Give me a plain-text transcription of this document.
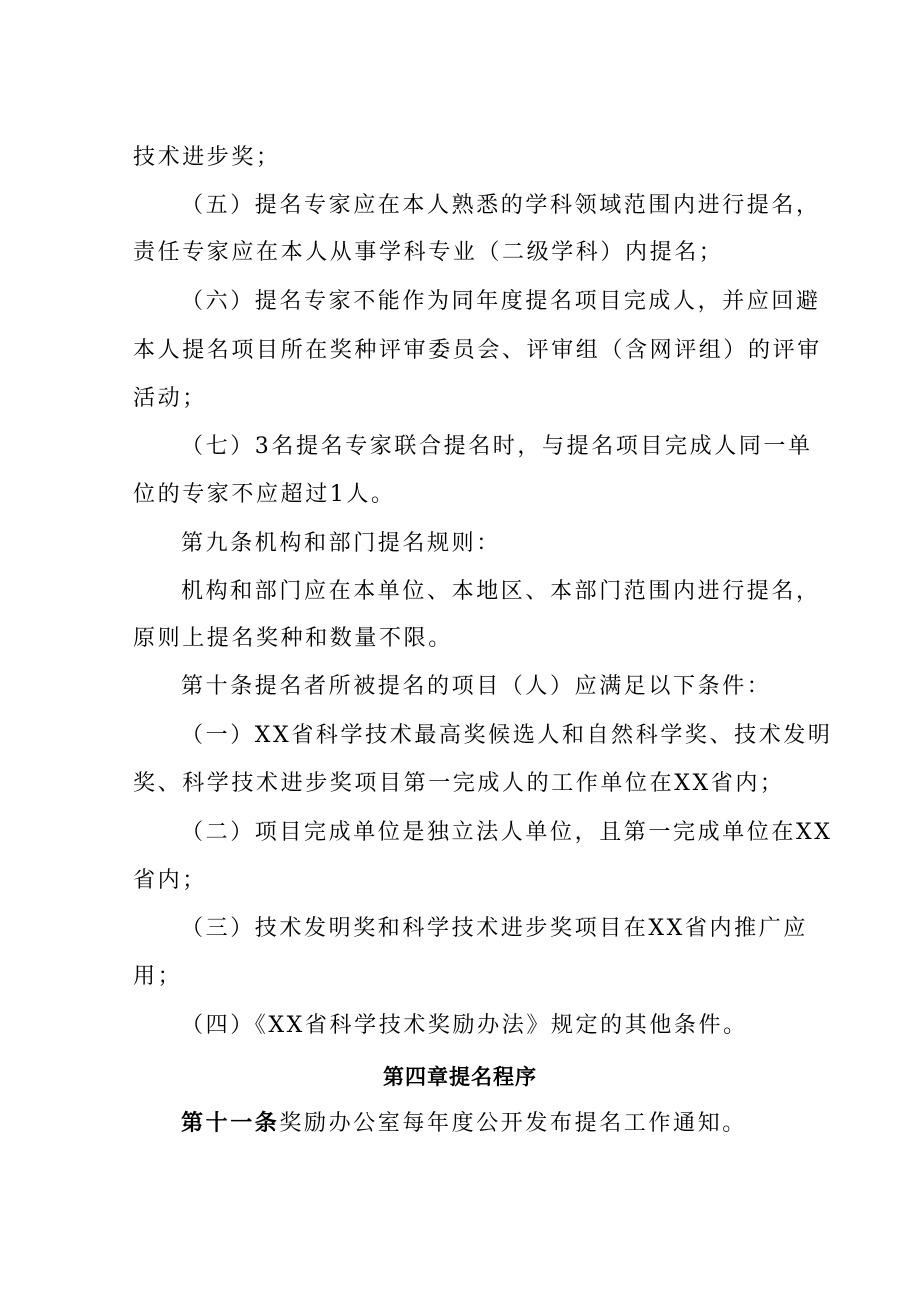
技术进步奖；
（五）提名专家应在本人熟悉的学科领域范围内进行提名，
责任专家应在本人从事学科专业（二级学科）内提名；
（六）提名专家不能作为同年度提名项目完成人，并应回避
本人提名项目所在奖种评审委员会、评审组（含网评组）的评审
活动；
（七）3名提名专家联合提名时，与提名项目完成人同一单
位的专家不应超过1人。
第九条机构和部门提名规则：
机构和部门应在本单位、本地区、本部门范围内进行提名，
原则上提名奖种和数量不限。
第十条提名者所被提名的项目（人）应满足以下条件：
（一）XX省科学技术最高奖候选人和自然科学奖、技术发明
奖、科学技术进步奖项目第一完成人的工作单位在XX省内；
（二）项目完成单位是独立法人单位，且第一完成单位在XX
省内；
（三）技术发明奖和科学技术进步奖项目在XX省内推广应
用；
（四）《XX省科学技术奖励办法》规定的其他条件。
第四章提名程序
第十一条奖励办公室每年度公开发布提名工作通知。
